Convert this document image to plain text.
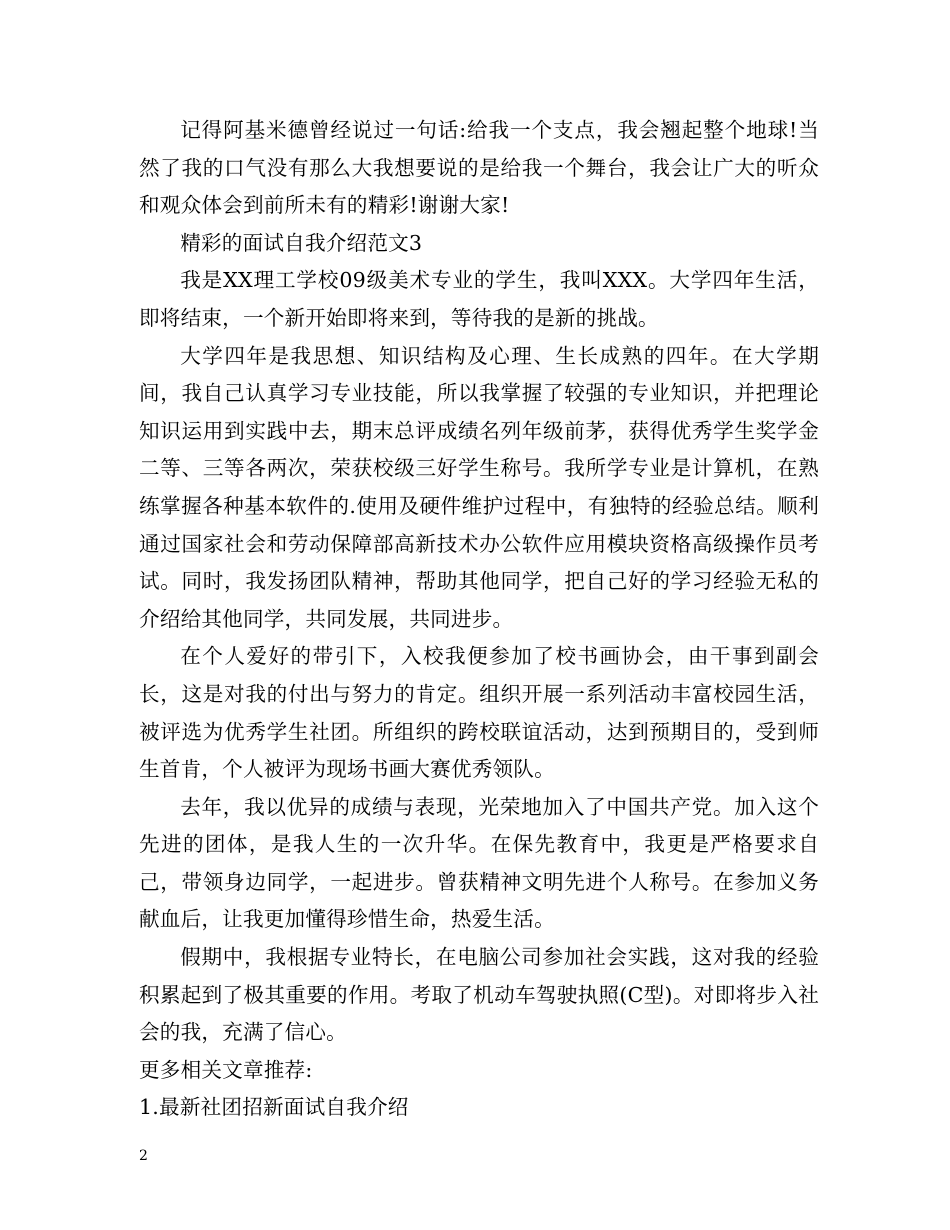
记得阿基米德曾经说过一句话:给我一个支点，我会翘起整个地球!当然了我的口气没有那么大我想要说的是给我一个舞台，我会让广大的听众和观众体会到前所未有的精彩!谢谢大家!

精彩的面试自我介绍范文3

我是XX理工学校09级美术专业的学生，我叫XXX。大学四年生活，即将结束，一个新开始即将来到，等待我的是新的挑战。

大学四年是我思想、知识结构及心理、生长成熟的四年。在大学期间，我自己认真学习专业技能，所以我掌握了较强的专业知识，并把理论知识运用到实践中去，期末总评成绩名列年级前茅，获得优秀学生奖学金二等、三等各两次，荣获校级三好学生称号。我所学专业是计算机，在熟练掌握各种基本软件的.使用及硬件维护过程中，有独特的经验总结。顺利通过国家社会和劳动保障部高新技术办公软件应用模块资格高级操作员考试。同时，我发扬团队精神，帮助其他同学，把自己好的学习经验无私的介绍给其他同学，共同发展，共同进步。

在个人爱好的带引下，入校我便参加了校书画协会，由干事到副会长，这是对我的付出与努力的肯定。组织开展一系列活动丰富校园生活，被评选为优秀学生社团。所组织的跨校联谊活动，达到预期目的，受到师生首肯，个人被评为现场书画大赛优秀领队。

去年，我以优异的成绩与表现，光荣地加入了中国共产党。加入这个先进的团体，是我人生的一次升华。在保先教育中，我更是严格要求自己，带领身边同学，一起进步。曾获精神文明先进个人称号。在参加义务献血后，让我更加懂得珍惜生命，热爱生活。

假期中，我根据专业特长，在电脑公司参加社会实践，这对我的经验积累起到了极其重要的作用。考取了机动车驾驶执照(C型)。对即将步入社会的我，充满了信心。

更多相关文章推荐:

1.最新社团招新面试自我介绍

2
